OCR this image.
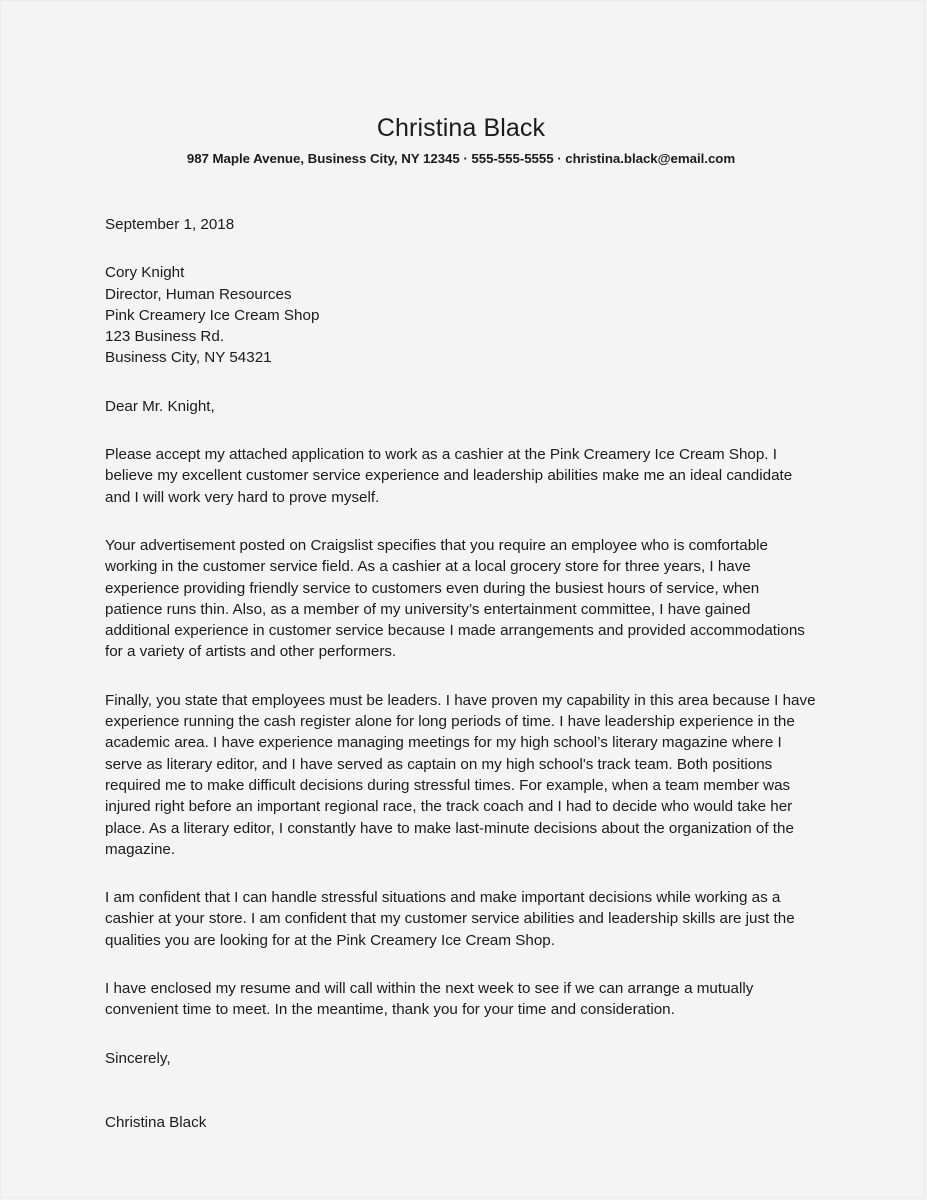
Christina Black
987 Maple Avenue, Business City, NY 12345 · 555-555-5555 · christina.black@email.com
September 1, 2018
Cory Knight
Director, Human Resources
Pink Creamery Ice Cream Shop
123 Business Rd.
Business City, NY 54321
Dear Mr. Knight,

Please accept my attached application to work as a cashier at the Pink Creamery Ice Cream Shop. I believe my excellent customer service experience and leadership abilities make me an ideal candidate and I will work very hard to prove myself.

Your advertisement posted on Craigslist specifies that you require an employee who is comfortable working in the customer service field. As a cashier at a local grocery store for three years, I have experience providing friendly service to customers even during the busiest hours of service, when patience runs thin. Also, as a member of my university’s entertainment committee, I have gained additional experience in customer service because I made arrangements and provided accommodations for a variety of artists and other performers.

Finally, you state that employees must be leaders. I have proven my capability in this area because I have experience running the cash register alone for long periods of time. I have leadership experience in the academic area. I have experience managing meetings for my high school’s literary magazine where I serve as literary editor, and I have served as captain on my high school's track team. Both positions required me to make difficult decisions during stressful times. For example, when a team member was injured right before an important regional race, the track coach and I had to decide who would take her place. As a literary editor, I constantly have to make last-minute decisions about the organization of the magazine.

I am confident that I can handle stressful situations and make important decisions while working as a cashier at your store. I am confident that my customer service abilities and leadership skills are just the qualities you are looking for at the Pink Creamery Ice Cream Shop.

I have enclosed my resume and will call within the next week to see if we can arrange a mutually convenient time to meet. In the meantime, thank you for your time and consideration.

Sincerely,
Christina Black
